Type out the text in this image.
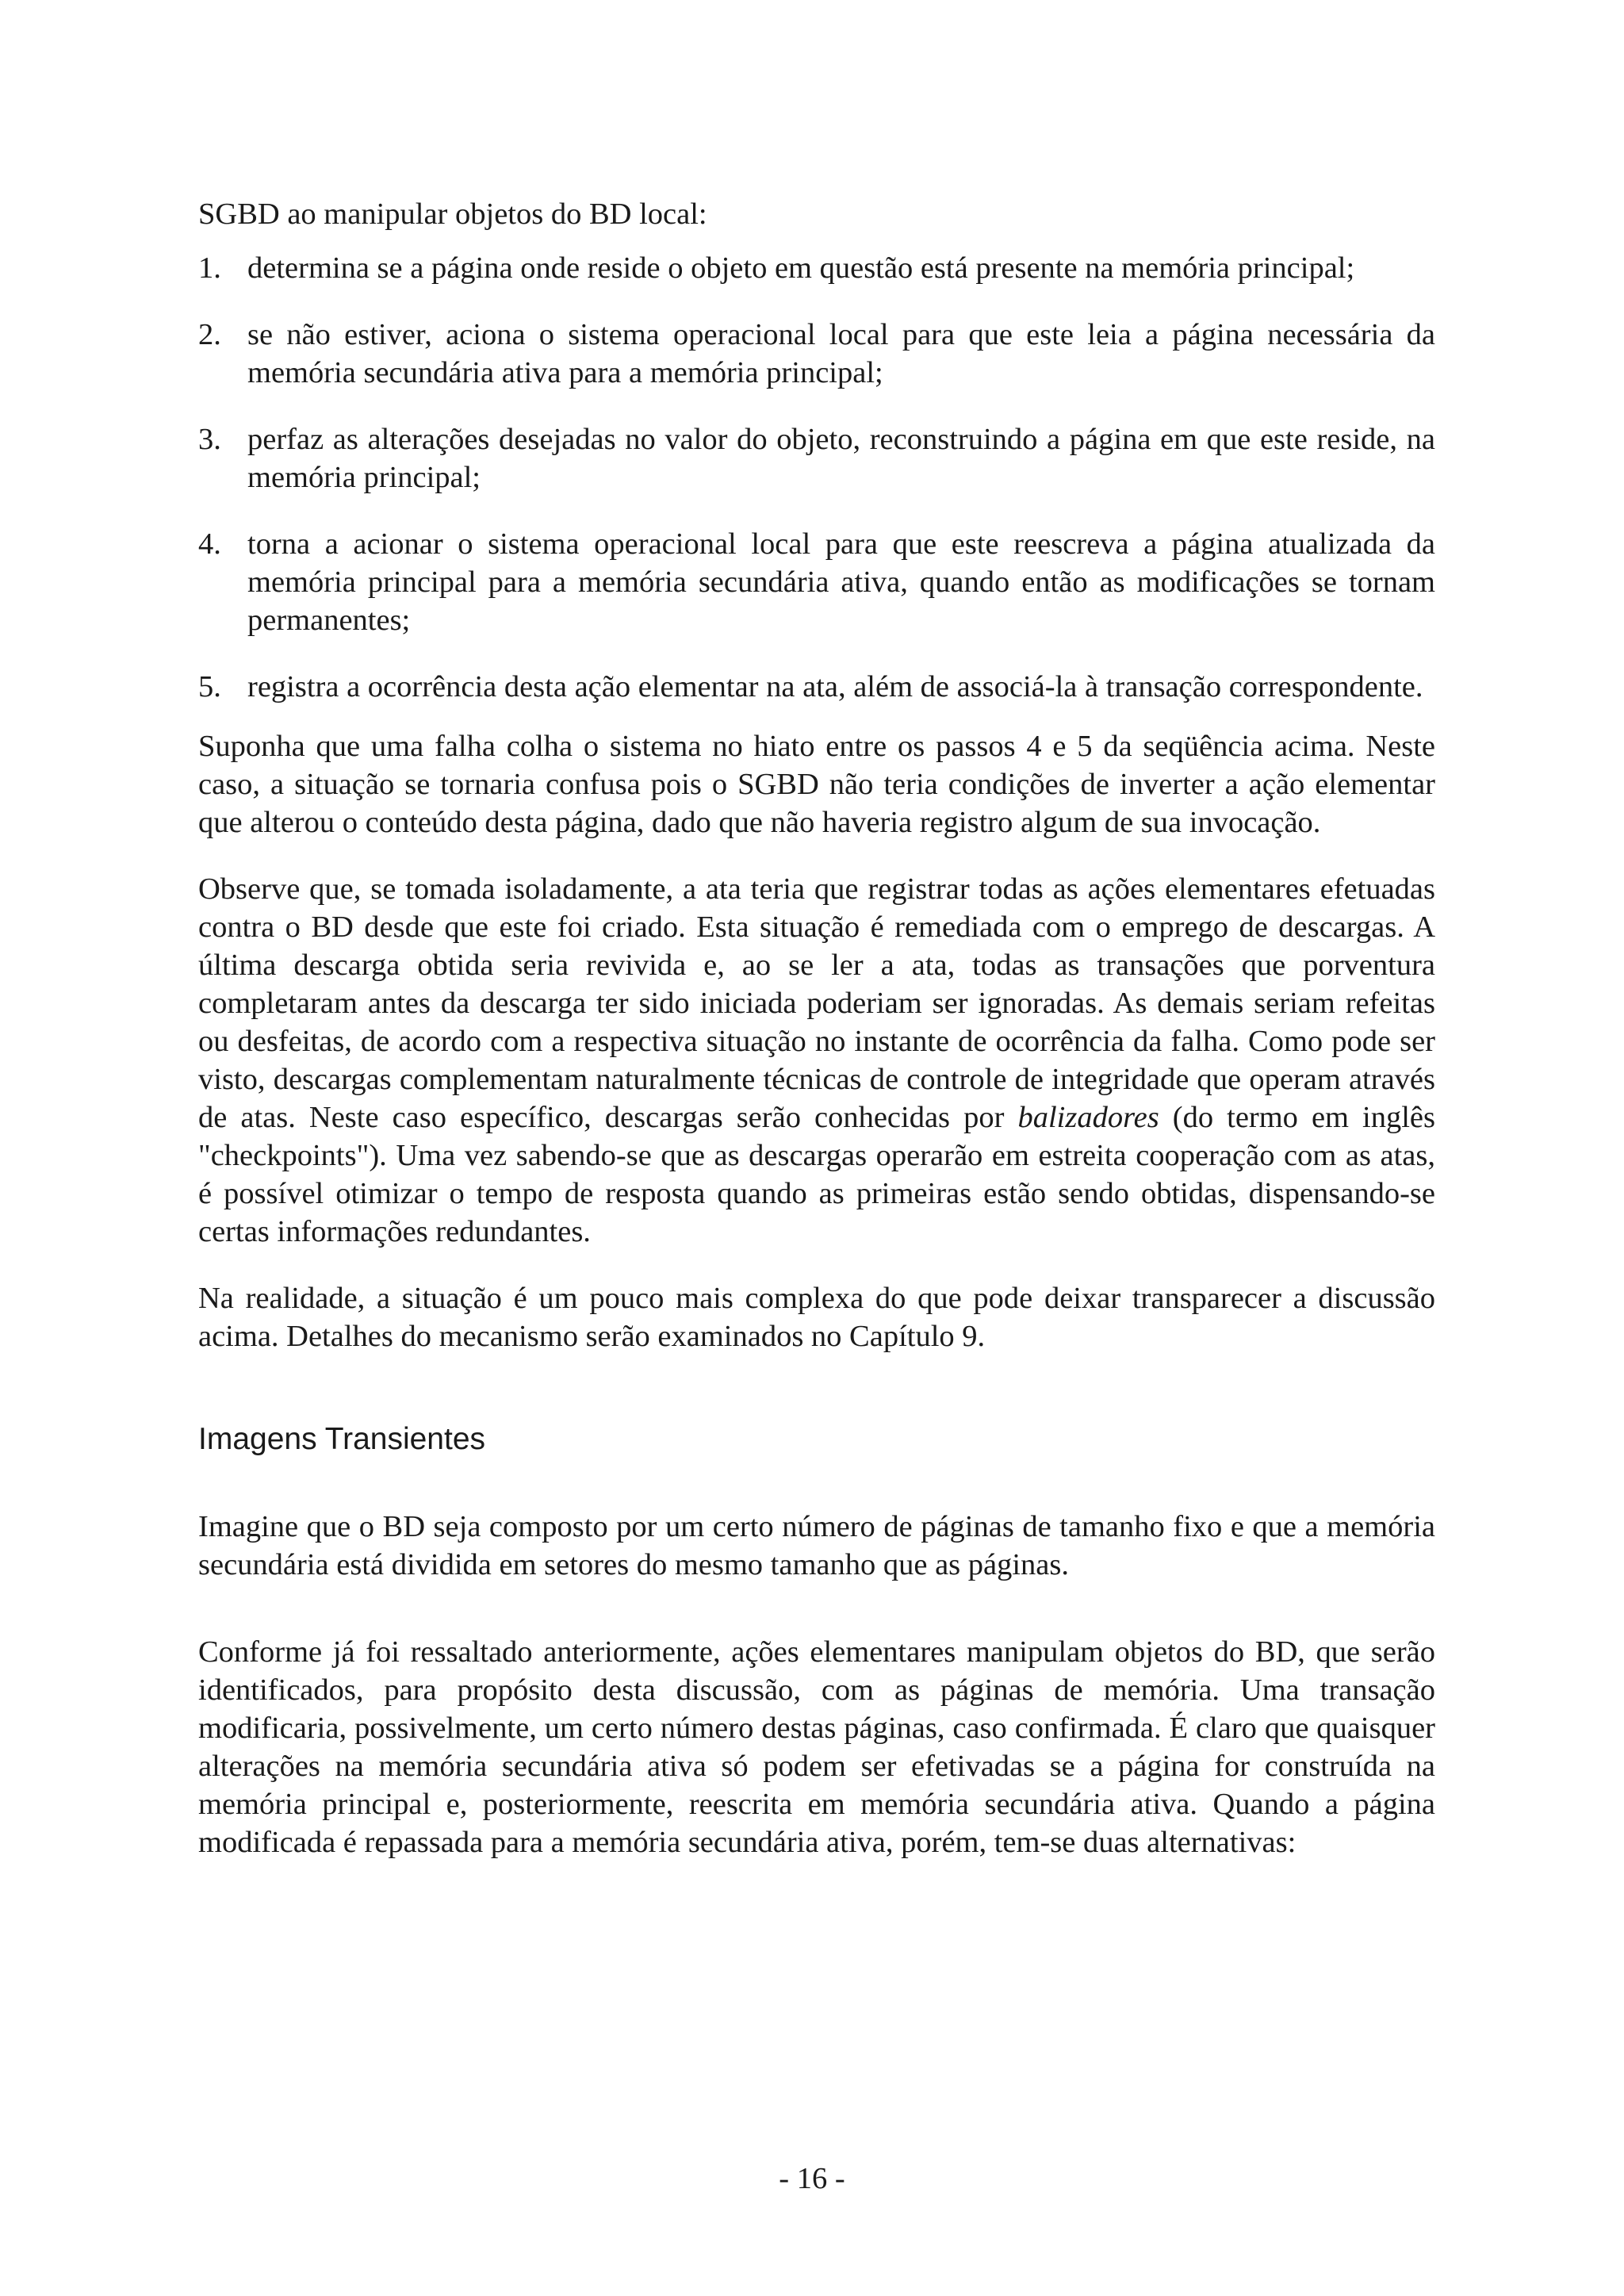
SGBD ao manipular objetos do BD local:

1. determina se a página onde reside o objeto em questão está presente na memória principal;
2. se não estiver, aciona o sistema operacional local para que este leia a página necessária da memória secundária ativa para a memória principal;
3. perfaz as alterações desejadas no valor do objeto, reconstruindo a página em que este reside, na memória principal;
4. torna a acionar o sistema operacional local para que este reescreva a página atualizada da memória principal para a memória secundária ativa, quando então as modificações se tornam permanentes;
5. registra a ocorrência desta ação elementar na ata, além de associá-la à transação correspondente.

Suponha que uma falha colha o sistema no hiato entre os passos 4 e 5 da seqüência acima. Neste caso, a situação se tornaria confusa pois o SGBD não teria condições de inverter a ação elementar que alterou o conteúdo desta página, dado que não haveria registro algum de sua invocação.

Observe que, se tomada isoladamente, a ata teria que registrar todas as ações elementares efetuadas contra o BD desde que este foi criado. Esta situação é remediada com o emprego de descargas. A última descarga obtida seria revivida e, ao se ler a ata, todas as transações que porventura completaram antes da descarga ter sido iniciada poderiam ser ignoradas. As demais seriam refeitas ou desfeitas, de acordo com a respectiva situação no instante de ocorrência da falha. Como pode ser visto, descargas complementam naturalmente técnicas de controle de integridade que operam através de atas. Neste caso específico, descargas serão conhecidas por balizadores (do termo em inglês "checkpoints"). Uma vez sabendo-se que as descargas operarão em estreita cooperação com as atas, é possível otimizar o tempo de resposta quando as primeiras estão sendo obtidas, dispensando-se certas informações redundantes.

Na realidade, a situação é um pouco mais complexa do que pode deixar transparecer a discussão acima. Detalhes do mecanismo serão examinados no Capítulo 9.

Imagens Transientes

Imagine que o BD seja composto por um certo número de páginas de tamanho fixo e que a memória secundária está dividida em setores do mesmo tamanho que as páginas.

Conforme já foi ressaltado anteriormente, ações elementares manipulam objetos do BD, que serão identificados, para propósito desta discussão, com as páginas de memória. Uma transação modificaria, possivelmente, um certo número destas páginas, caso confirmada. É claro que quaisquer alterações na memória secundária ativa só podem ser efetivadas se a página for construída na memória principal e, posteriormente, reescrita em memória secundária ativa. Quando a página modificada é repassada para a memória secundária ativa, porém, tem-se duas alternativas:

- 16 -
